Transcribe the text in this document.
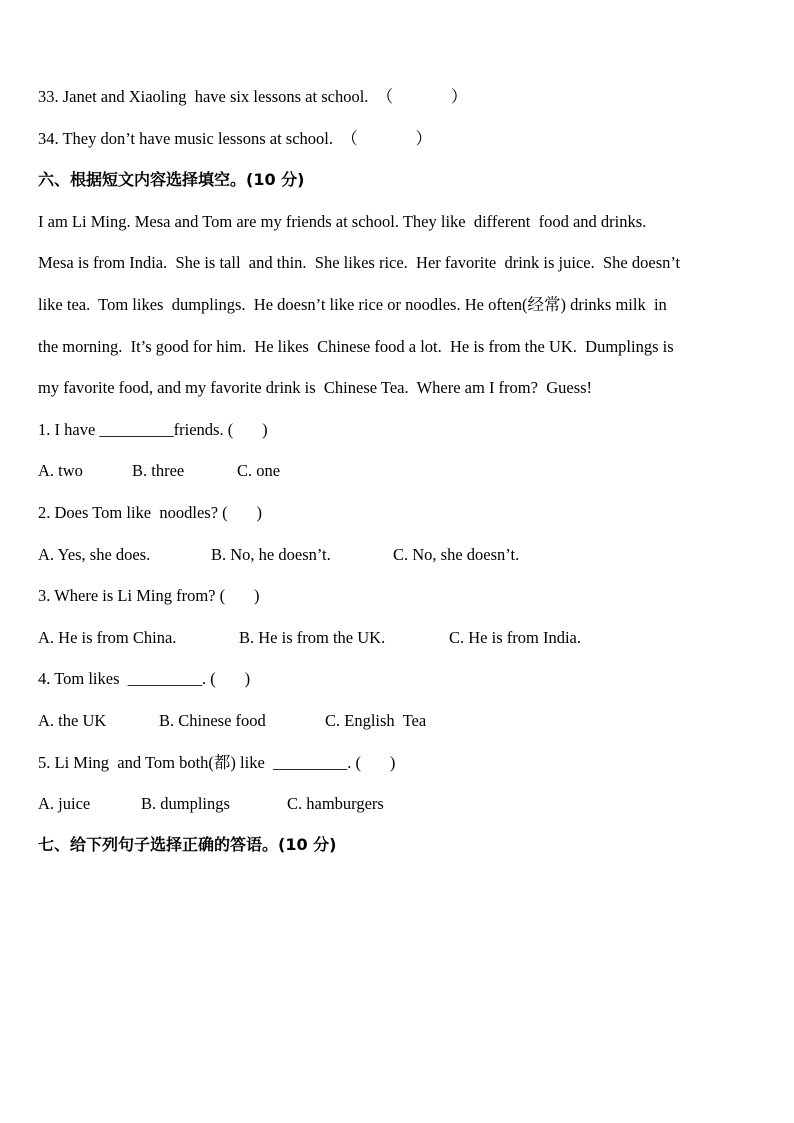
33. Janet and Xiaoling  have six lessons at school.  （              ）
34. They don’t have music lessons at school.  （              ）
六、根据短文内容选择填空。(10 分)
I am Li Ming. Mesa and Tom are my friends at school. They like  different  food and drinks.
Mesa is from India.  She is tall  and thin.  She likes rice.  Her favorite  drink is juice.  She doesn’t
like tea.  Tom likes  dumplings.  He doesn’t like rice or noodles. He often(经常) drinks milk  in
the morning.  It’s good for him.  He likes  Chinese food a lot.  He is from the UK.  Dumplings is
my favorite food, and my favorite drink is  Chinese Tea.  Where am I from?  Guess!
1. I have _________friends. (       )
A. two	B. three	C. one
2. Does Tom like  noodles? (       )
A. Yes, she does.	B. No, he doesn’t.	C. No, she doesn’t.
3. Where is Li Ming from? (       )
A. He is from China.	B. He is from the UK.	C. He is from India.
4. Tom likes  _________. (       )
A. the UK	B. Chinese food	C. English  Tea
5. Li Ming  and Tom both(都) like  _________. (       )
A. juice	B. dumplings	C. hamburgers
七、给下列句子选择正确的答语。(10 分)
